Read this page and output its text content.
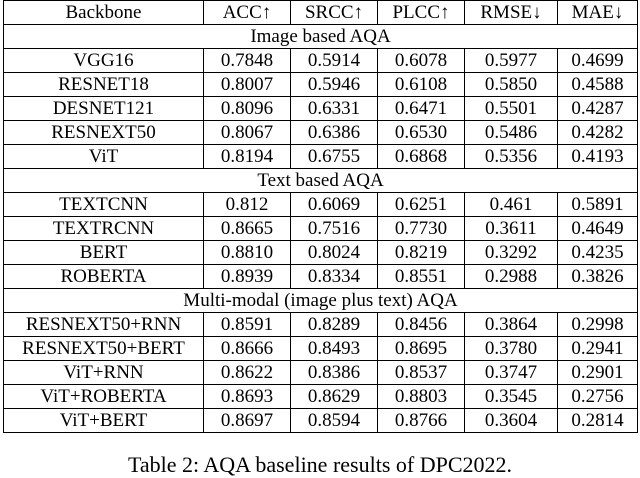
Backbone	ACC↑	SRCC↑	PLCC↑	RMSE↓	MAE↓
Image based AQA					
VGG16	0.7848	0.5914	0.6078	0.5977	0.4699
RESNET18	0.8007	0.5946	0.6108	0.5850	0.4588
DESNET121	0.8096	0.6331	0.6471	0.5501	0.4287
RESNEXT50	0.8067	0.6386	0.6530	0.5486	0.4282
ViT	0.8194	0.6755	0.6868	0.5356	0.4193
Text based AQA					
TEXTCNN	0.812	0.6069	0.6251	0.461	0.5891
TEXTRCNN	0.8665	0.7516	0.7730	0.3611	0.4649
BERT	0.8810	0.8024	0.8219	0.3292	0.4235
ROBERTA	0.8939	0.8334	0.8551	0.2988	0.3826
Multi-modal (image plus text) AQA					
RESNEXT50+RNN	0.8591	0.8289	0.8456	0.3864	0.2998
RESNEXT50+BERT	0.8666	0.8493	0.8695	0.3780	0.2941
ViT+RNN	0.8622	0.8386	0.8537	0.3747	0.2901
ViT+ROBERTA	0.8693	0.8629	0.8803	0.3545	0.2756
ViT+BERT	0.8697	0.8594	0.8766	0.3604	0.2814
Table 2: AQA baseline results of DPC2022.
